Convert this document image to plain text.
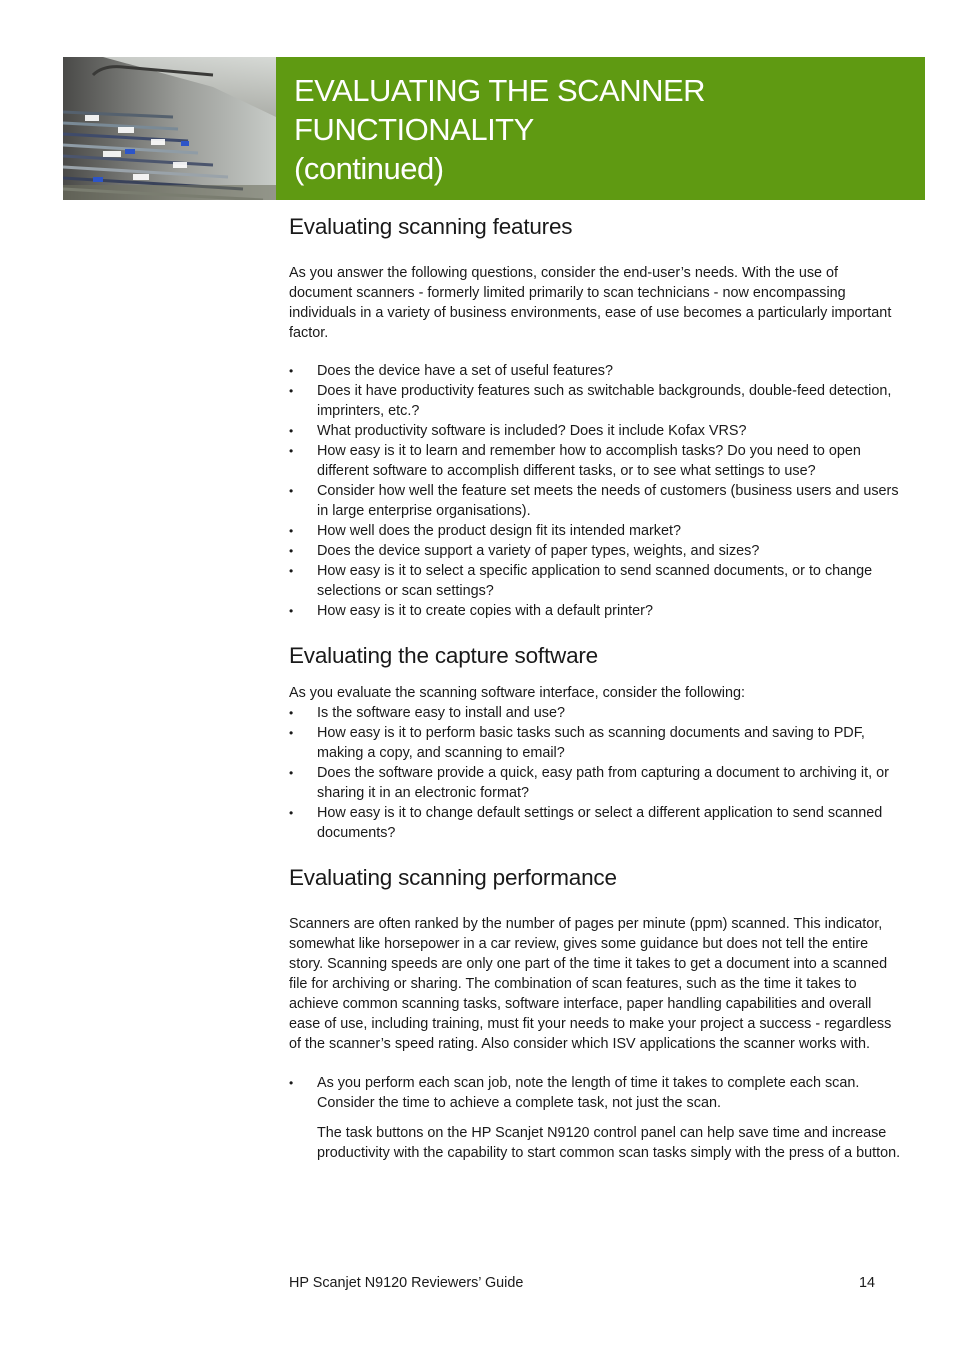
EVALUATING THE SCANNER FUNCTIONALITY
(continued)
Evaluating scanning features

As you answer the following questions, consider the end-user’s needs. With the use of document scanners - formerly limited primarily to scan technicians - now encompassing individuals in a variety of business environments, ease of use becomes a particularly important factor.

•	Does the device have a set of useful features?
•	Does it have productivity features such as switchable backgrounds, double-feed detection, imprinters, etc.?
•	What productivity software is included? Does it include Kofax VRS?
•	How easy is it to learn and remember how to accomplish tasks? Do you need to open different software to accomplish different tasks, or to see what settings to use?
•	Consider how well the feature set meets the needs of customers (business users and users in large enterprise organisations).
•	How well does the product design fit its intended market?
•	Does the device support a variety of paper types, weights, and sizes?
•	How easy is it to select a specific application to send scanned documents, or to change selections or scan settings?
•	How easy is it to create copies with a default printer?
Evaluating the capture software

As you evaluate the scanning software interface, consider the following:

•	Is the software easy to install and use?
•	How easy is it to perform basic tasks such as scanning documents and saving to PDF, making a copy, and scanning to email?
•	Does the software provide a quick, easy path from capturing a document to archiving it, or sharing it in an electronic format?
•	How easy is it to change default settings or select a different application to send scanned documents?
Evaluating scanning performance

Scanners are often ranked by the number of pages per minute (ppm) scanned. This indicator, somewhat like horsepower in a car review, gives some guidance but does not tell the entire story. Scanning speeds are only one part of the time it takes to get a document into a scanned file for archiving or sharing. The combination of scan features, such as the time it takes to achieve common scanning tasks, software interface, paper handling capabilities and overall ease of use, including training, must fit your needs to make your project a success - regardless of the scanner’s speed rating. Also consider which ISV applications the scanner works with.

•	As you perform each scan job, note the length of time it takes to complete each scan. Consider the time to achieve a complete task, not just the scan.

The task buttons on the HP Scanjet N9120 control panel can help save time and increase productivity with the capability to start common scan tasks simply with the press of a button.

HP Scanjet N9120 Reviewers’ Guide	14
